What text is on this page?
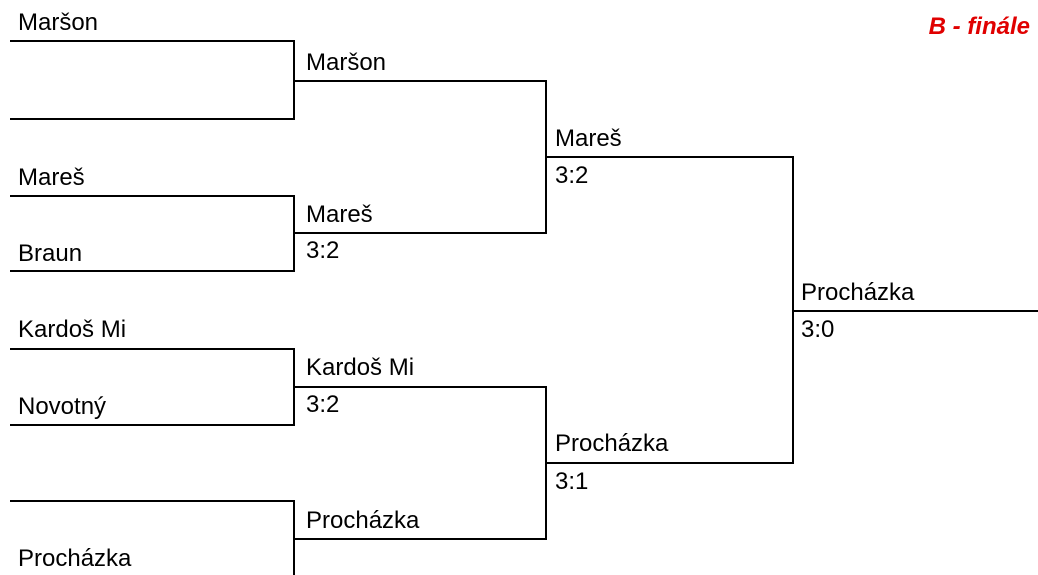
B - finále
Maršon
Mareš
Braun
Kardoš Mi
Novotný
Procházka
Maršon
Mareš
3:2
Kardoš Mi
3:2
Procházka
Mareš
3:2
Procházka
3:1
Procházka
3:0
